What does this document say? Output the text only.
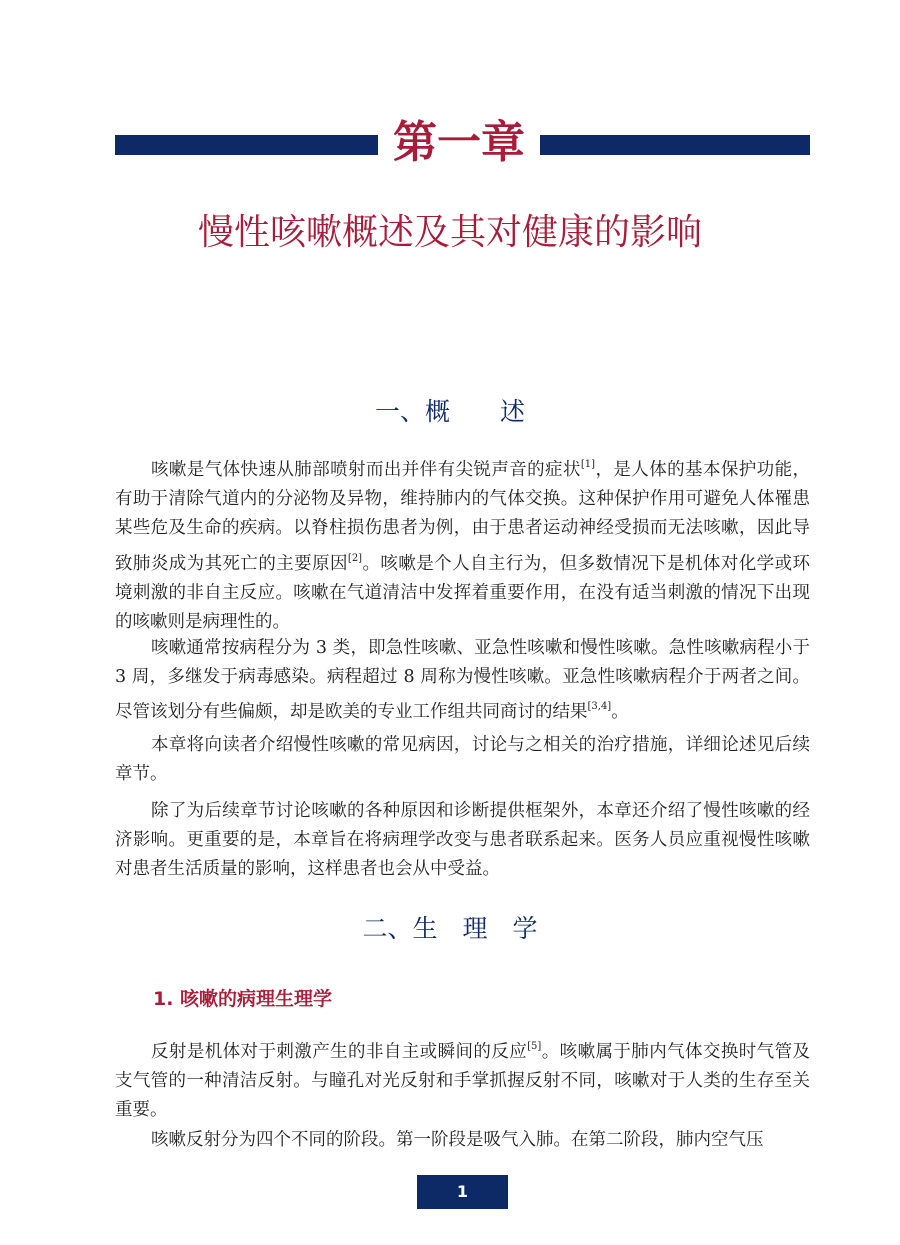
第一章
慢性咳嗽概述及其对健康的影响
一、概　　述

咳嗽是气体快速从肺部喷射而出并伴有尖锐声音的症状[1]，是人体的基本保护功能，有助于清除气道内的分泌物及异物，维持肺内的气体交换。这种保护作用可避免人体罹患某些危及生命的疾病。以脊柱损伤患者为例，由于患者运动神经受损而无法咳嗽，因此导致肺炎成为其死亡的主要原因[2]。咳嗽是个人自主行为，但多数情况下是机体对化学或环境刺激的非自主反应。咳嗽在气道清洁中发挥着重要作用，在没有适当刺激的情况下出现的咳嗽则是病理性的。

咳嗽通常按病程分为 3 类，即急性咳嗽、亚急性咳嗽和慢性咳嗽。急性咳嗽病程小于 3 周，多继发于病毒感染。病程超过 8 周称为慢性咳嗽。亚急性咳嗽病程介于两者之间。尽管该划分有些偏颇，却是欧美的专业工作组共同商讨的结果[3,4]。

本章将向读者介绍慢性咳嗽的常见病因，讨论与之相关的治疗措施，详细论述见后续章节。

除了为后续章节讨论咳嗽的各种原因和诊断提供框架外，本章还介绍了慢性咳嗽的经济影响。更重要的是，本章旨在将病理学改变与患者联系起来。医务人员应重视慢性咳嗽对患者生活质量的影响，这样患者也会从中受益。

二、生　理　学
1. 咳嗽的病理生理学

反射是机体对于刺激产生的非自主或瞬间的反应[5]。咳嗽属于肺内气体交换时气管及支气管的一种清洁反射。与瞳孔对光反射和手掌抓握反射不同，咳嗽对于人类的生存至关重要。

咳嗽反射分为四个不同的阶段。第一阶段是吸气入肺。在第二阶段，肺内空气压

1
